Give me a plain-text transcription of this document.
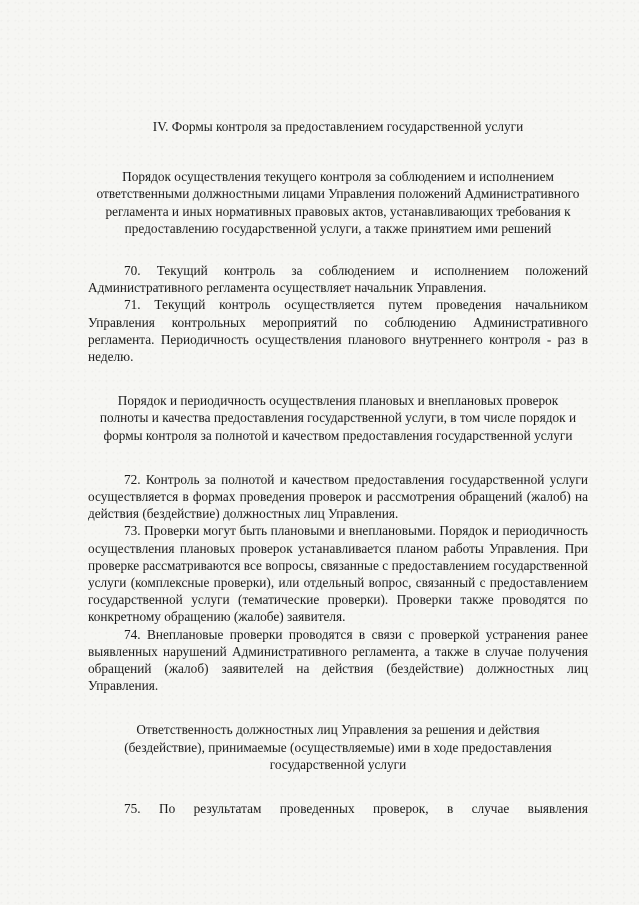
IV. Формы контроля за предоставлением государственной услуги

Порядок осуществления текущего контроля за соблюдением и исполнением ответственными должностными лицами Управления положений Административного регламента и иных нормативных правовых актов, устанавливающих требования к предоставлению государственной услуги, а также принятием ими решений

70. Текущий контроль за соблюдением и исполнением положений Административного регламента осуществляет начальник Управления.

71. Текущий контроль осуществляется путем проведения начальником Управления контрольных мероприятий по соблюдению Административного регламента. Периодичность осуществления планового внутреннего контроля - раз в неделю.

Порядок и периодичность осуществления плановых и внеплановых проверок полноты и качества предоставления государственной услуги, в том числе порядок и формы контроля за полнотой и качеством предоставления государственной услуги

72. Контроль за полнотой и качеством предоставления государственной услуги осуществляется в формах проведения проверок и рассмотрения обращений (жалоб) на действия (бездействие) должностных лиц Управления.

73. Проверки могут быть плановыми и внеплановыми. Порядок и периодичность осуществления плановых проверок устанавливается планом работы Управления. При проверке рассматриваются все вопросы, связанные с предоставлением государственной услуги (комплексные проверки), или отдельный вопрос, связанный с предоставлением государственной услуги (тематические проверки). Проверки также проводятся по конкретному обращению (жалобе) заявителя.

74. Внеплановые проверки проводятся в связи с проверкой устранения ранее выявленных нарушений Административного регламента, а также в случае получения обращений (жалоб) заявителей на действия (бездействие) должностных лиц Управления.

Ответственность должностных лиц Управления за решения и действия (бездействие), принимаемые (осуществляемые) ими в ходе предоставления государственной услуги

75. По результатам проведенных проверок, в случае выявления
